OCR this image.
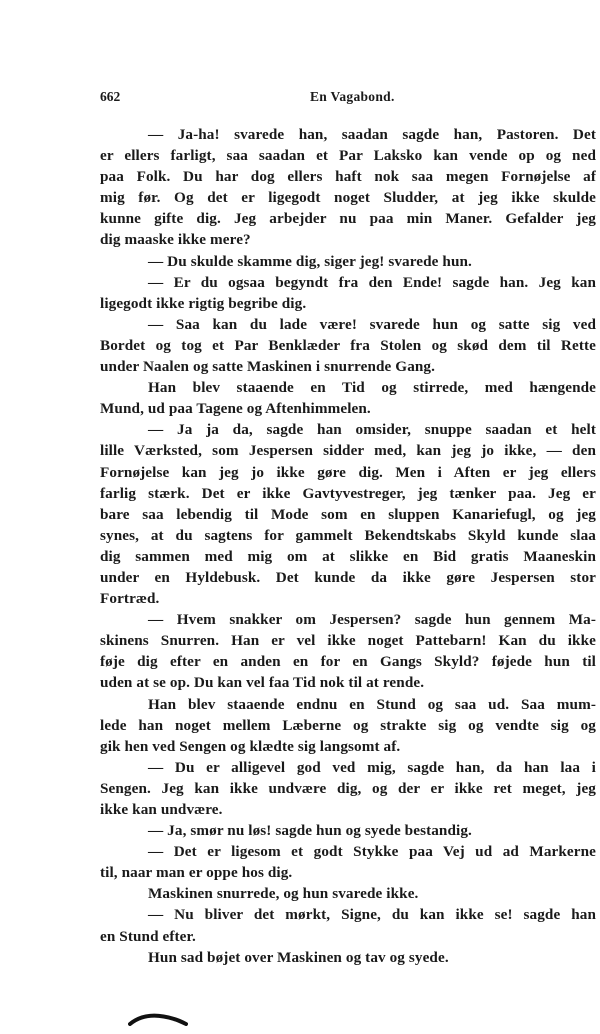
662	En Vagabond.
— Ja-ha! svarede han, saadan sagde han, Pastoren. Det
er ellers farligt, saa saadan et Par Laksko kan vende op og ned
paa Folk. Du har dog ellers haft nok saa megen Fornøjelse af
mig før. Og det er ligegodt noget Sludder, at jeg ikke skulde
kunne gifte dig. Jeg arbejder nu paa min Maner. Gefalder jeg
dig maaske ikke mere?
— Du skulde skamme dig, siger jeg! svarede hun.
— Er du ogsaa begyndt fra den Ende! sagde han. Jeg kan
ligegodt ikke rigtig begribe dig.
— Saa kan du lade være! svarede hun og satte sig ved
Bordet og tog et Par Benklæder fra Stolen og skød dem til Rette
under Naalen og satte Maskinen i snurrende Gang.
Han blev staaende en Tid og stirrede, med hængende
Mund, ud paa Tagene og Aftenhimmelen.
— Ja ja da, sagde han omsider, snuppe saadan et helt
lille Værksted, som Jespersen sidder med, kan jeg jo ikke, — den
Fornøjelse kan jeg jo ikke gøre dig. Men i Aften er jeg ellers
farlig stærk. Det er ikke Gavtyvestreger, jeg tænker paa. Jeg er
bare saa lebendig til Mode som en sluppen Kanariefugl, og jeg
synes, at du sagtens for gammelt Bekendtskabs Skyld kunde slaa
dig sammen med mig om at slikke en Bid gratis Maaneskin
under en Hyldebusk. Det kunde da ikke gøre Jespersen stor
Fortræd.
— Hvem snakker om Jespersen? sagde hun gennem Ma-
skinens Snurren. Han er vel ikke noget Pattebarn! Kan du ikke
føje dig efter en anden en for en Gangs Skyld? føjede hun til
uden at se op. Du kan vel faa Tid nok til at rende.
Han blev staaende endnu en Stund og saa ud. Saa mum-
lede han noget mellem Læberne og strakte sig og vendte sig og
gik hen ved Sengen og klædte sig langsomt af.
— Du er alligevel god ved mig, sagde han, da han laa i
Sengen. Jeg kan ikke undvære dig, og der er ikke ret meget, jeg
ikke kan undvære.
— Ja, smør nu løs! sagde hun og syede bestandig.
— Det er ligesom et godt Stykke paa Vej ud ad Markerne
til, naar man er oppe hos dig.
Maskinen snurrede, og hun svarede ikke.
— Nu bliver det mørkt, Signe, du kan ikke se! sagde han
en Stund efter.
Hun sad bøjet over Maskinen og tav og syede.
